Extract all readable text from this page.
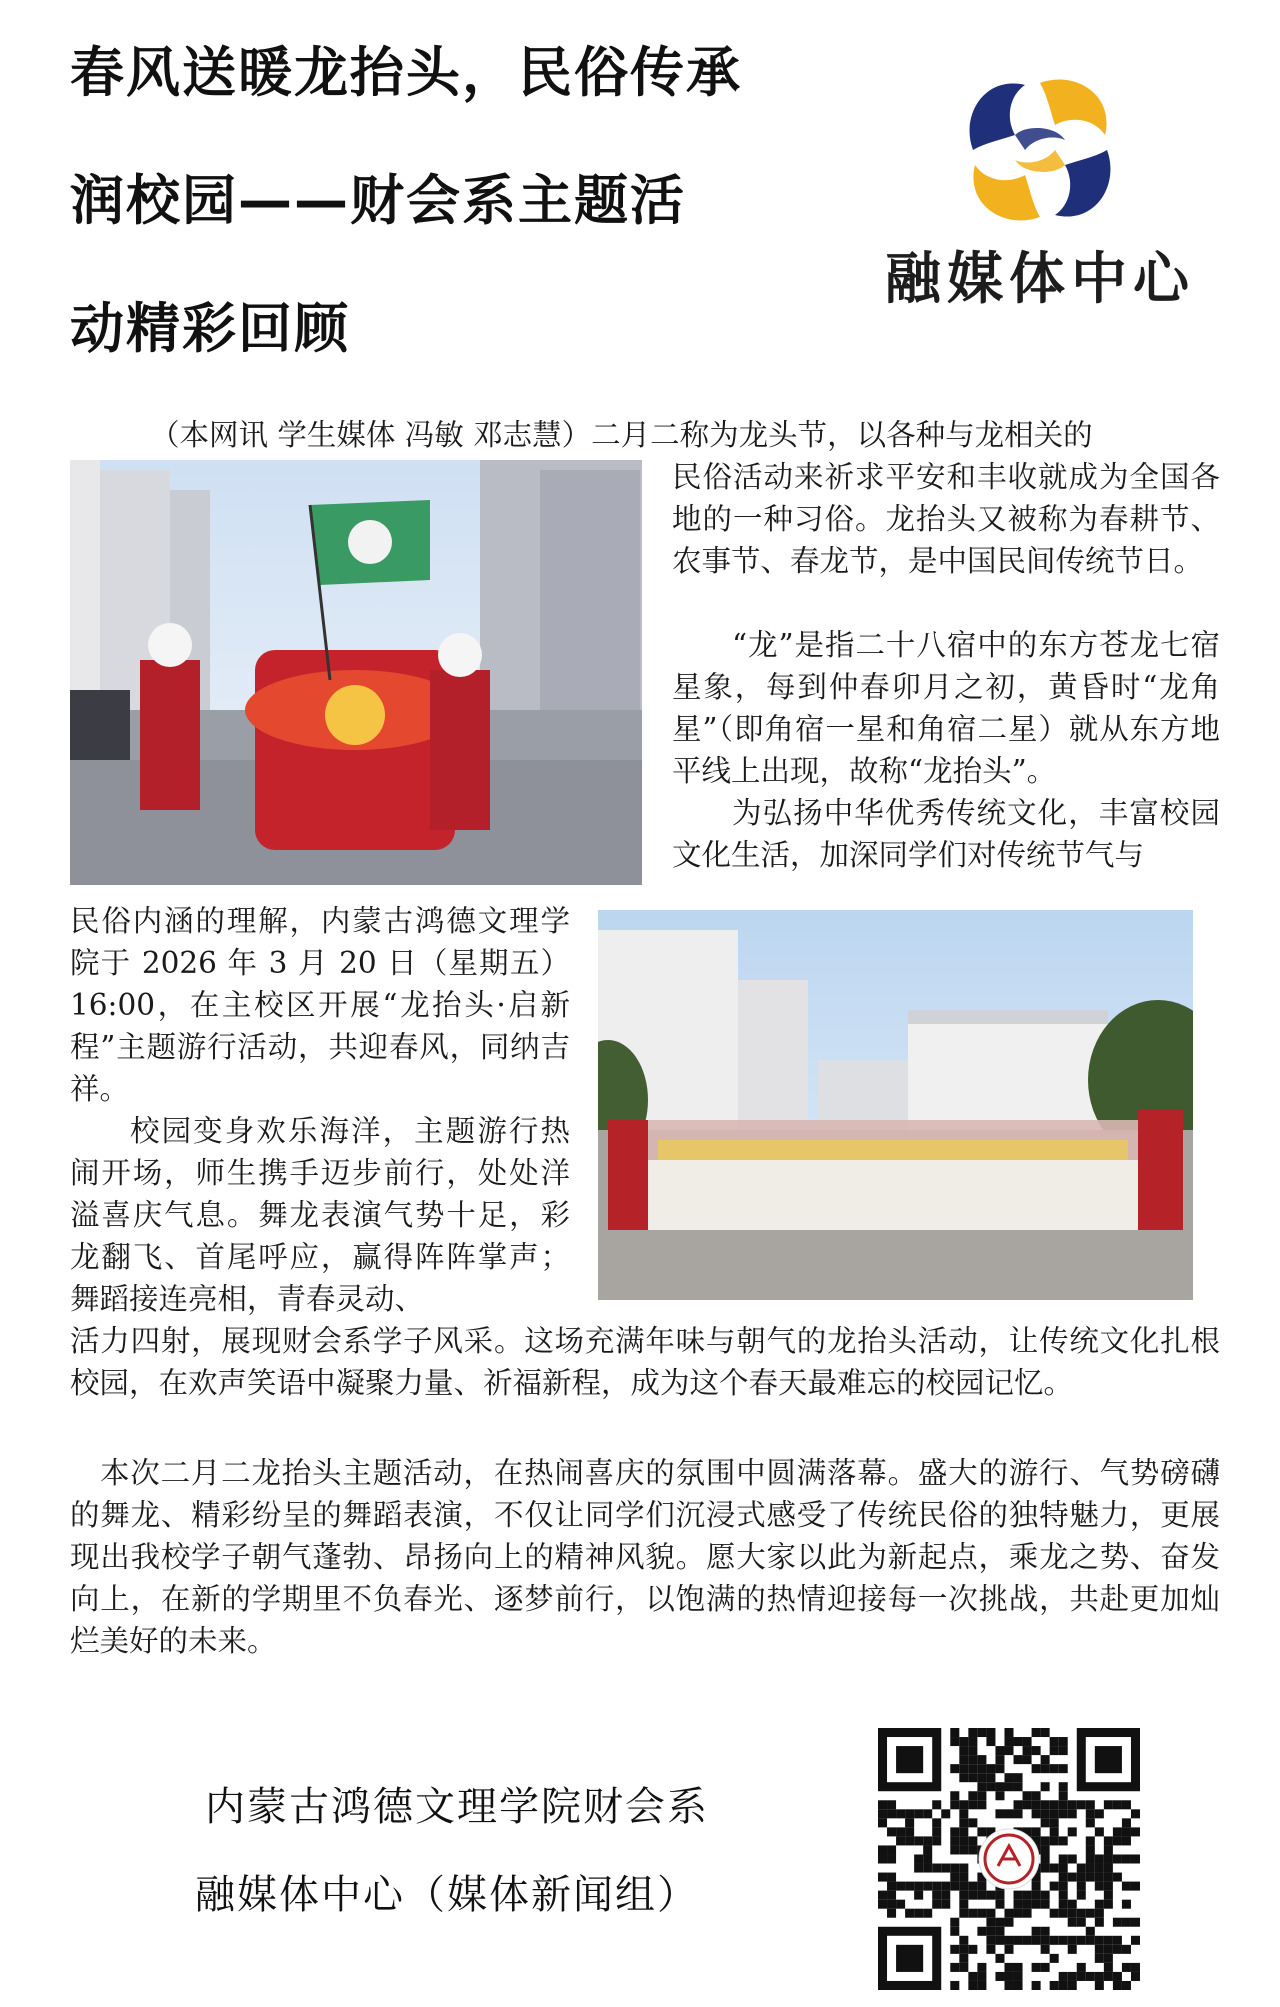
春风送暖龙抬头，民俗传承
润校园——财会系主题活
动精彩回顾
融媒体中心
（本网讯 学生媒体 冯敏 邓志慧）二月二称为龙头节，以各种与龙相关的
民俗活动来祈求平安和丰收就成为全国各地的一种习俗。龙抬头又被称为春耕节、农事节、春龙节，是中国民间传统节日。
“龙”是指二十八宿中的东方苍龙七宿星象，每到仲春卯月之初，黄昏时“龙角星”（即角宿一星和角宿二星）就从东方地平线上出现，故称“龙抬头”。
为弘扬中华优秀传统文化，丰富校园文化生活，加深同学们对传统节气与
民俗内涵的理解，内蒙古鸿德文理学院于 2026 年 3 月 20 日（星期五）16:00，在主校区开展“龙抬头·启新程”主题游行活动，共迎春风，同纳吉祥。
校园变身欢乐海洋，主题游行热闹开场，师生携手迈步前行，处处洋溢喜庆气息。舞龙表演气势十足，彩龙翻飞、首尾呼应，赢得阵阵掌声；舞蹈接连亮相，青春灵动、
活力四射，展现财会系学子风采。这场充满年味与朝气的龙抬头活动，让传统文化扎根校园，在欢声笑语中凝聚力量、祈福新程，成为这个春天最难忘的校园记忆。
本次二月二龙抬头主题活动，在热闹喜庆的氛围中圆满落幕。盛大的游行、气势磅礴的舞龙、精彩纷呈的舞蹈表演，不仅让同学们沉浸式感受了传统民俗的独特魅力，更展现出我校学子朝气蓬勃、昂扬向上的精神风貌。愿大家以此为新起点，乘龙之势、奋发向上，在新的学期里不负春光、逐梦前行，以饱满的热情迎接每一次挑战，共赴更加灿烂美好的未来。
内蒙古鸿德文理学院财会系
融媒体中心（媒体新闻组）
